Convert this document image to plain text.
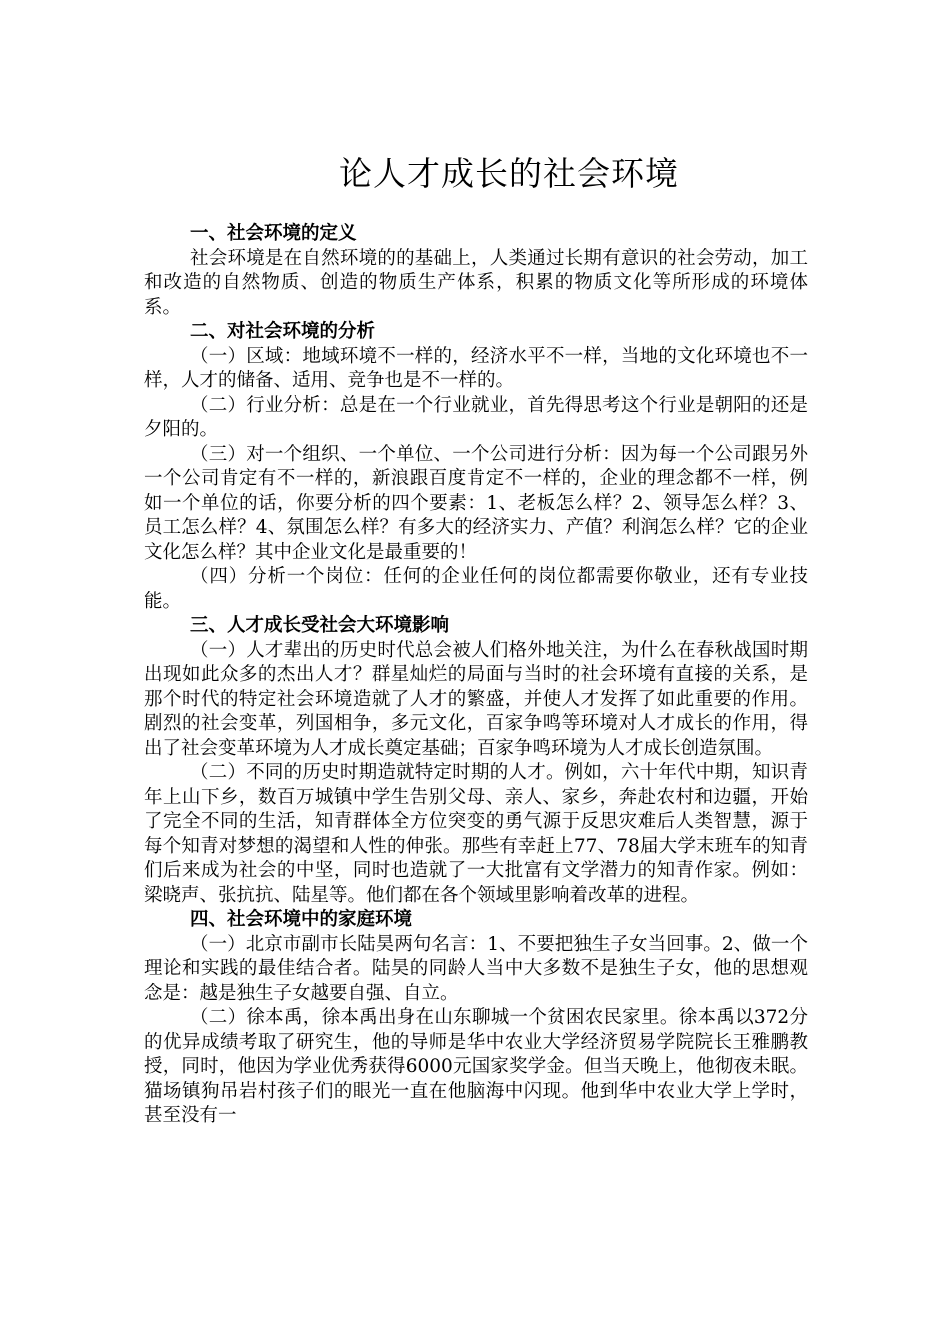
论人才成长的社会环境

一、社会环境的定义

社会环境是在自然环境的的基础上，人类通过长期有意识的社会劳动，加工和改造的自然物质、创造的物质生产体系，积累的物质文化等所形成的环境体系。

二、对社会环境的分析

（一）区域：地域环境不一样的，经济水平不一样，当地的文化环境也不一样，人才的储备、适用、竞争也是不一样的。

（二）行业分析：总是在一个行业就业，首先得思考这个行业是朝阳的还是夕阳的。

（三）对一个组织、一个单位、一个公司进行分析：因为每一个公司跟另外一个公司肯定有不一样的，新浪跟百度肯定不一样的，企业的理念都不一样，例如一个单位的话，你要分析的四个要素：1、老板怎么样？2、领导怎么样？3、员工怎么样？4、氛围怎么样？有多大的经济实力、产值？利润怎么样？它的企业文化怎么样？其中企业文化是最重要的！

（四）分析一个岗位：任何的企业任何的岗位都需要你敬业，还有专业技能。

三、人才成长受社会大环境影响

（一）人才辈出的历史时代总会被人们格外地关注，为什么在春秋战国时期出现如此众多的杰出人才？群星灿烂的局面与当时的社会环境有直接的关系，是那个时代的特定社会环境造就了人才的繁盛，并使人才发挥了如此重要的作用。剧烈的社会变革，列国相争，多元文化，百家争鸣等环境对人才成长的作用，得出了社会变革环境为人才成长奠定基础；百家争鸣环境为人才成长创造氛围。

（二）不同的历史时期造就特定时期的人才。例如，六十年代中期，知识青年上山下乡，数百万城镇中学生告别父母、亲人、家乡，奔赴农村和边疆，开始了完全不同的生活，知青群体全方位突变的勇气源于反思灾难后人类智慧，源于每个知青对梦想的渴望和人性的伸张。那些有幸赶上77、78届大学末班车的知青们后来成为社会的中坚，同时也造就了一大批富有文学潜力的知青作家。例如：梁晓声、张抗抗、陆星等。他们都在各个领域里影响着改革的进程。

四、社会环境中的家庭环境

（一）北京市副市长陆昊两句名言：1、不要把独生子女当回事。2、做一个理论和实践的最佳结合者。陆昊的同龄人当中大多数不是独生子女，他的思想观念是：越是独生子女越要自强、自立。

（二）徐本禹，徐本禹出身在山东聊城一个贫困农民家里。徐本禹以372分的优异成绩考取了研究生，他的导师是华中农业大学经济贸易学院院长王雅鹏教授，同时，他因为学业优秀获得6000元国家奖学金。但当天晚上，他彻夜未眠。猫场镇狗吊岩村孩子们的眼光一直在他脑海中闪现。他到华中农业大学上学时，甚至没有一
